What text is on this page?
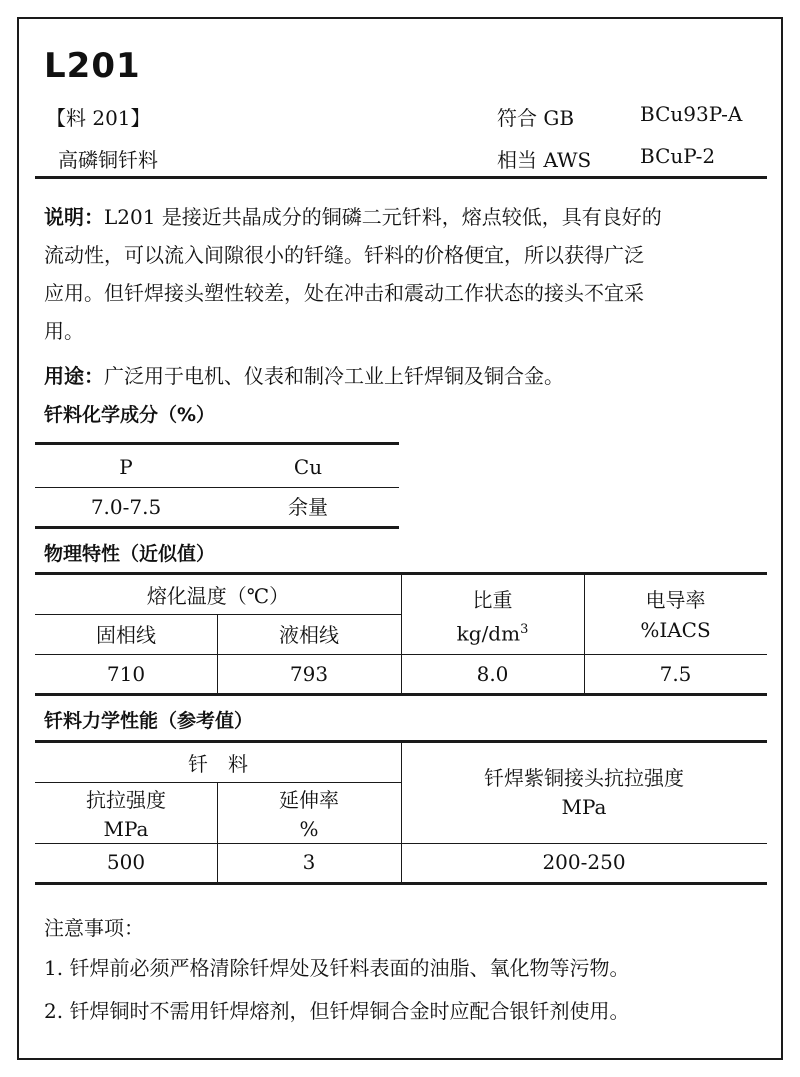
L201
【料 201】
高磷铜钎料
符合 GB	BCu93P-A
相当 AWS BCuP-2
说明：L201 是接近共晶成分的铜磷二元钎料，熔点较低，具有良好的
流动性，可以流入间隙很小的钎缝。钎料的价格便宜，所以获得广泛
应用。但钎焊接头塑性较差，处在冲击和震动工作状态的接头不宜采
用。
用途：广泛用于电机、仪表和制冷工业上钎焊铜及铜合金。
钎料化学成分（%）
P	Cu
7.0-7.5	余量
物理特性（近似值）
熔化温度（℃）
固相线	液相线
比重
$kg/dm^3$
电导率
%IACS
710	793	8.0	7.5
钎料力学性能（参考值）
钎　料
抗拉强度
MPa
延伸率
%
钎焊紫铜接头抗拉强度
MPa
500	3	200-250
注意事项：
1. 钎焊前必须严格清除钎焊处及钎料表面的油脂、氧化物等污物。
2. 钎焊铜时不需用钎焊熔剂，但钎焊铜合金时应配合银钎剂使用。
